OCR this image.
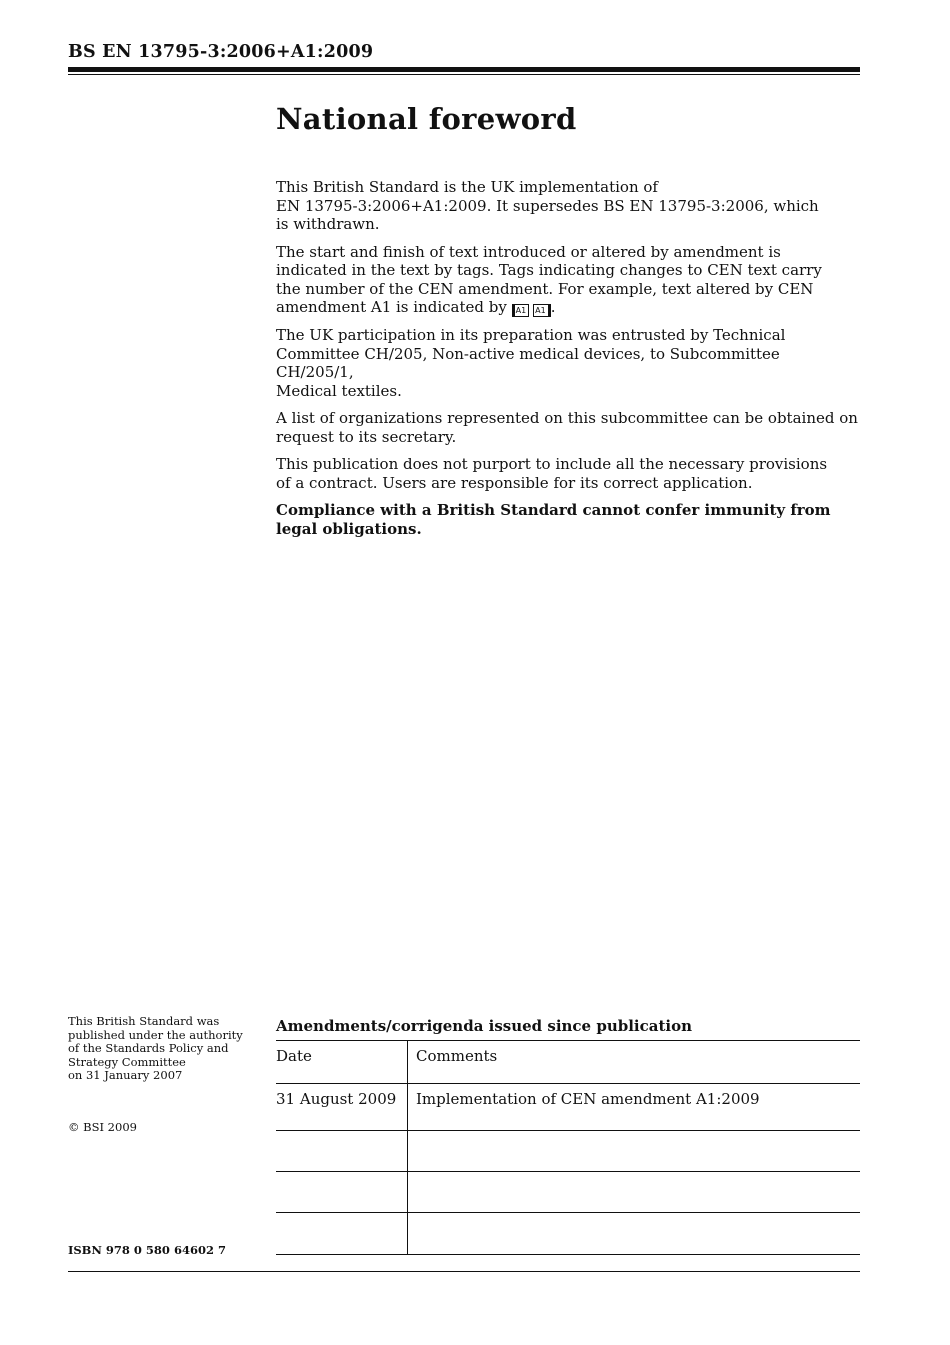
BS EN 13795-3:2006+A1:2009
National foreword

This British Standard is the UK implementation of
EN 13795-3:2006+A1:2009. It supersedes BS EN 13795-3:2006, which
is withdrawn.

The start and finish of text introduced or altered by amendment is
indicated in the text by tags. Tags indicating changes to CEN text carry
the number of the CEN amendment. For example, text altered by CEN
amendment A1 is indicated by A1 A1 .

The UK participation in its preparation was entrusted by Technical
Committee CH/205, Non-active medical devices, to Subcommittee CH/205/1,
Medical textiles.

A list of organizations represented on this subcommittee can be obtained on
request to its secretary.

This publication does not purport to include all the necessary provisions
of a contract. Users are responsible for its correct application.

Compliance with a British Standard cannot confer immunity from
legal obligations.

This British Standard was
published under the authority
of the Standards Policy and
Strategy Committee
on 31 January 2007
© BSI 2009
ISBN 978 0 580 64602 7
Amendments/corrigenda issued since publication
Date	Comments
31 August 2009	Implementation of CEN amendment A1:2009
